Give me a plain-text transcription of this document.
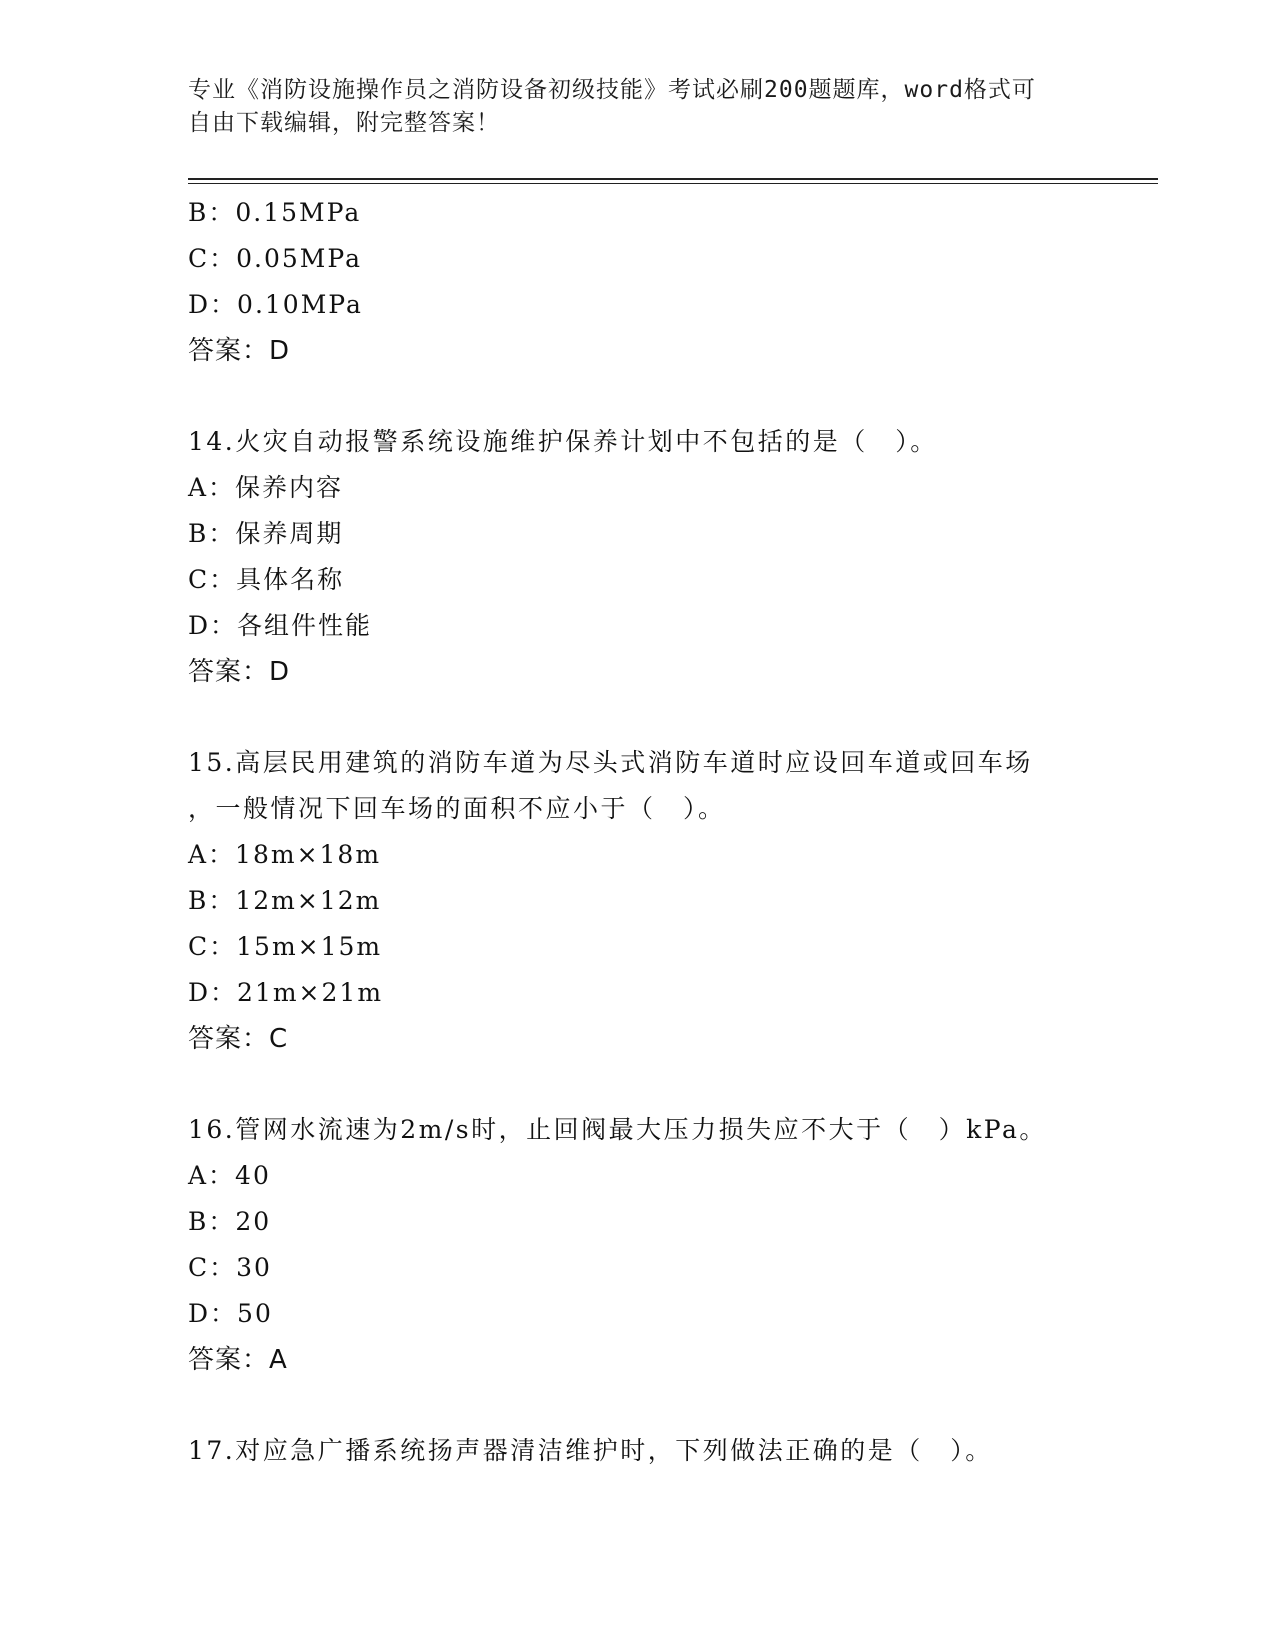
专业《消防设施操作员之消防设备初级技能》考试必刷200题题库，word格式可
自由下载编辑，附完整答案！
B：0.15MPa
C：0.05MPa
D：0.10MPa
答案：D
14.火灾自动报警系统设施维护保养计划中不包括的是（　）。
A：保养内容
B：保养周期
C：具体名称
D：各组件性能
答案：D
15.高层民用建筑的消防车道为尽头式消防车道时应设回车道或回车场
，一般情况下回车场的面积不应小于（　）。
A：18m×18m
B：12m×12m
C：15m×15m
D：21m×21m
答案：C
16.管网水流速为2m/s时，止回阀最大压力损失应不大于（　）kPa。
A：40
B：20
C：30
D：50
答案：A
17.对应急广播系统扬声器清洁维护时，下列做法正确的是（　）。
